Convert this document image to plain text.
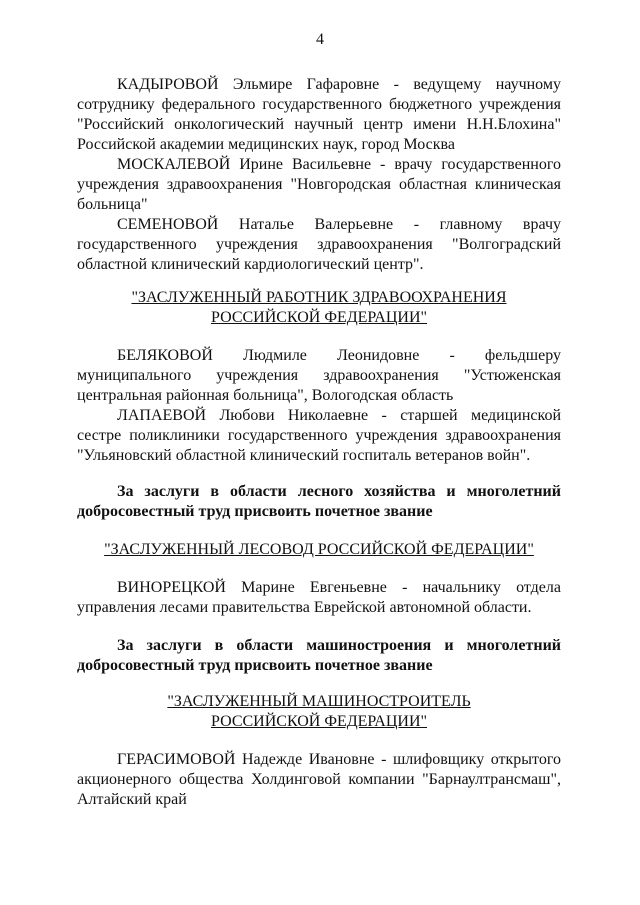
4

КАДЫРОВОЙ Эльмире Гафаровне - ведущему научному сотруднику федерального государственного бюджетного учреждения "Российский онкологический научный центр имени Н.Н.Блохина" Российской академии медицинских наук, город Москва

МОСКАЛЕВОЙ Ирине Васильевне - врачу государственного учреждения здравоохранения "Новгородская областная клиническая больница"

СЕМЕНОВОЙ Наталье Валерьевне - главному врачу государственного учреждения здравоохранения "Волгоградский областной клинический кардиологический центр".

"ЗАСЛУЖЕННЫЙ РАБОТНИК ЗДРАВООХРАНЕНИЯ
РОССИЙСКОЙ ФЕДЕРАЦИИ"

БЕЛЯКОВОЙ Людмиле Леонидовне - фельдшеру муниципального учреждения здравоохранения "Устюженская центральная районная больница", Вологодская область

ЛАПАЕВОЙ Любови Николаевне - старшей медицинской сестре поликлиники государственного учреждения здравоохранения "Ульяновский областной клинический госпиталь ветеранов войн".

За заслуги в области лесного хозяйства и многолетний добросовестный труд присвоить почетное звание

"ЗАСЛУЖЕННЫЙ ЛЕСОВОД РОССИЙСКОЙ ФЕДЕРАЦИИ"

ВИНОРЕЦКОЙ Марине Евгеньевне - начальнику отдела управления лесами правительства Еврейской автономной области.

За заслуги в области машиностроения и многолетний добросовестный труд присвоить почетное звание

"ЗАСЛУЖЕННЫЙ МАШИНОСТРОИТЕЛЬ
РОССИЙСКОЙ ФЕДЕРАЦИИ"

ГЕРАСИМОВОЙ Надежде Ивановне - шлифовщику открытого акционерного общества Холдинговой компании "Барнаултрансмаш", Алтайский край
